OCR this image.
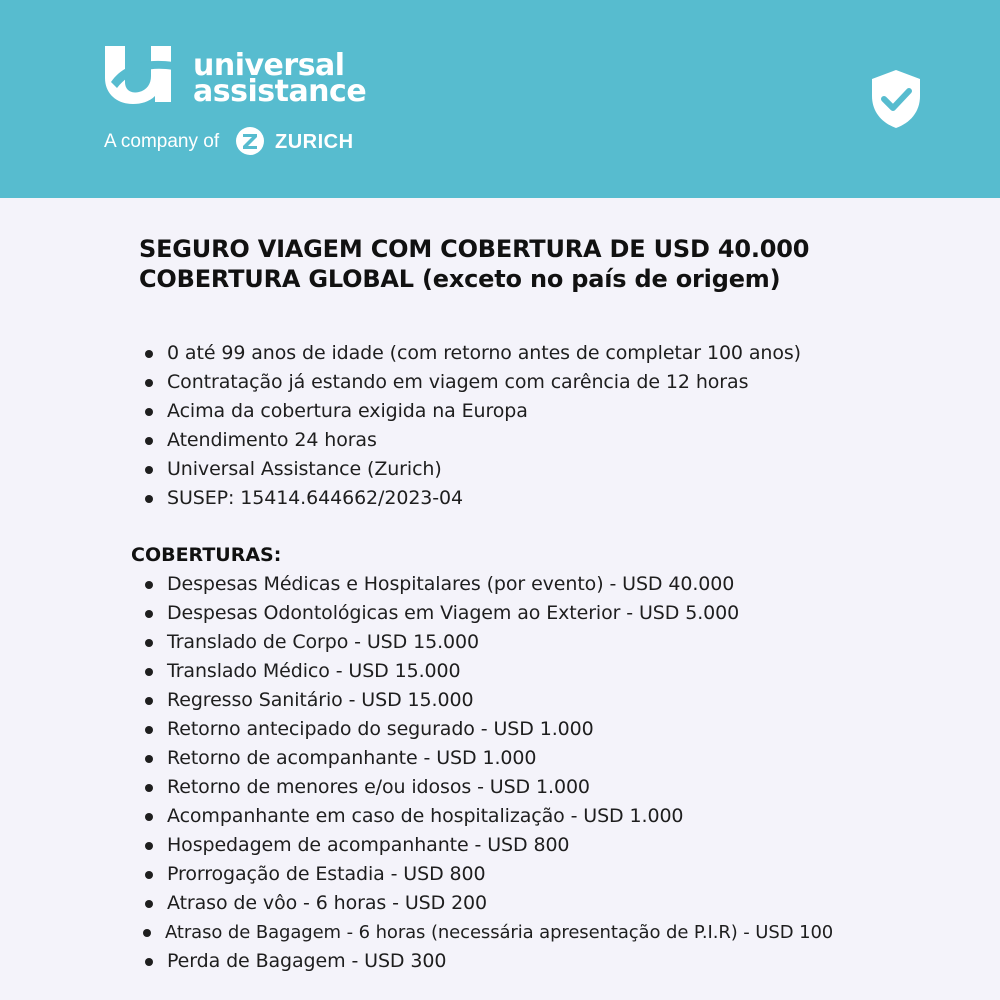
universal
assistance
A company of	ZURICH
SEGURO VIAGEM COM COBERTURA DE USD 40.000
COBERTURA GLOBAL (exceto no país de origem)
0 até 99 anos de idade (com retorno antes de completar 100 anos)
Contratação já estando em viagem com carência de 12 horas
Acima da cobertura exigida na Europa
Atendimento 24 horas
Universal Assistance (Zurich)
SUSEP: 15414.644662/2023-04
COBERTURAS:
Despesas Médicas e Hospitalares (por evento) - USD 40.000
Despesas Odontológicas em Viagem ao Exterior - USD 5.000
Translado de Corpo - USD 15.000
Translado Médico - USD 15.000
Regresso Sanitário - USD 15.000
Retorno antecipado do segurado - USD 1.000
Retorno de acompanhante - USD 1.000
Retorno de menores e/ou idosos - USD 1.000
Acompanhante em caso de hospitalização - USD 1.000
Hospedagem de acompanhante - USD 800
Prorrogação de Estadia - USD 800
Atraso de vôo - 6 horas - USD 200
Atraso de Bagagem - 6 horas (necessária apresentação de P.I.R) - USD 100
Perda de Bagagem - USD 300
